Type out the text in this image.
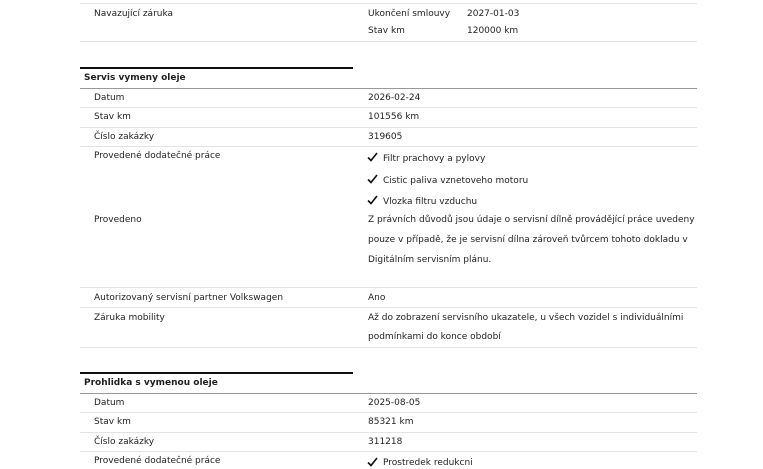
Navazující záruka	Ukončení smlouvy 2027-01-03
Stav km	120000 km
Servis vymeny oleje
Datum	2026-02-24
Stav km	101556 km
Číslo zakázky	319605
Provedené dodatečné práce	Filtr prachovy a pylovy
Cistic paliva vznetoveho motoru
Vlozka filtru vzduchu
Provedeno	Z právních důvodů jsou údaje o servisní dílně provádějící práce uvedeny
pouze v případě, že je servisní dílna zároveň tvůrcem tohoto dokladu v
Digitálním servisním plánu.
Autorizovaný servisní partner Volkswagen	Ano
Záruka mobility	Až do zobrazení servisního ukazatele, u všech vozidel s individuálními
podmínkami do konce období
Prohlidka s vymenou oleje
Datum	2025-08-05
Stav km	85321 km
Číslo zakázky	311218
Provedené dodatečné práce	Prostredek redukcni
